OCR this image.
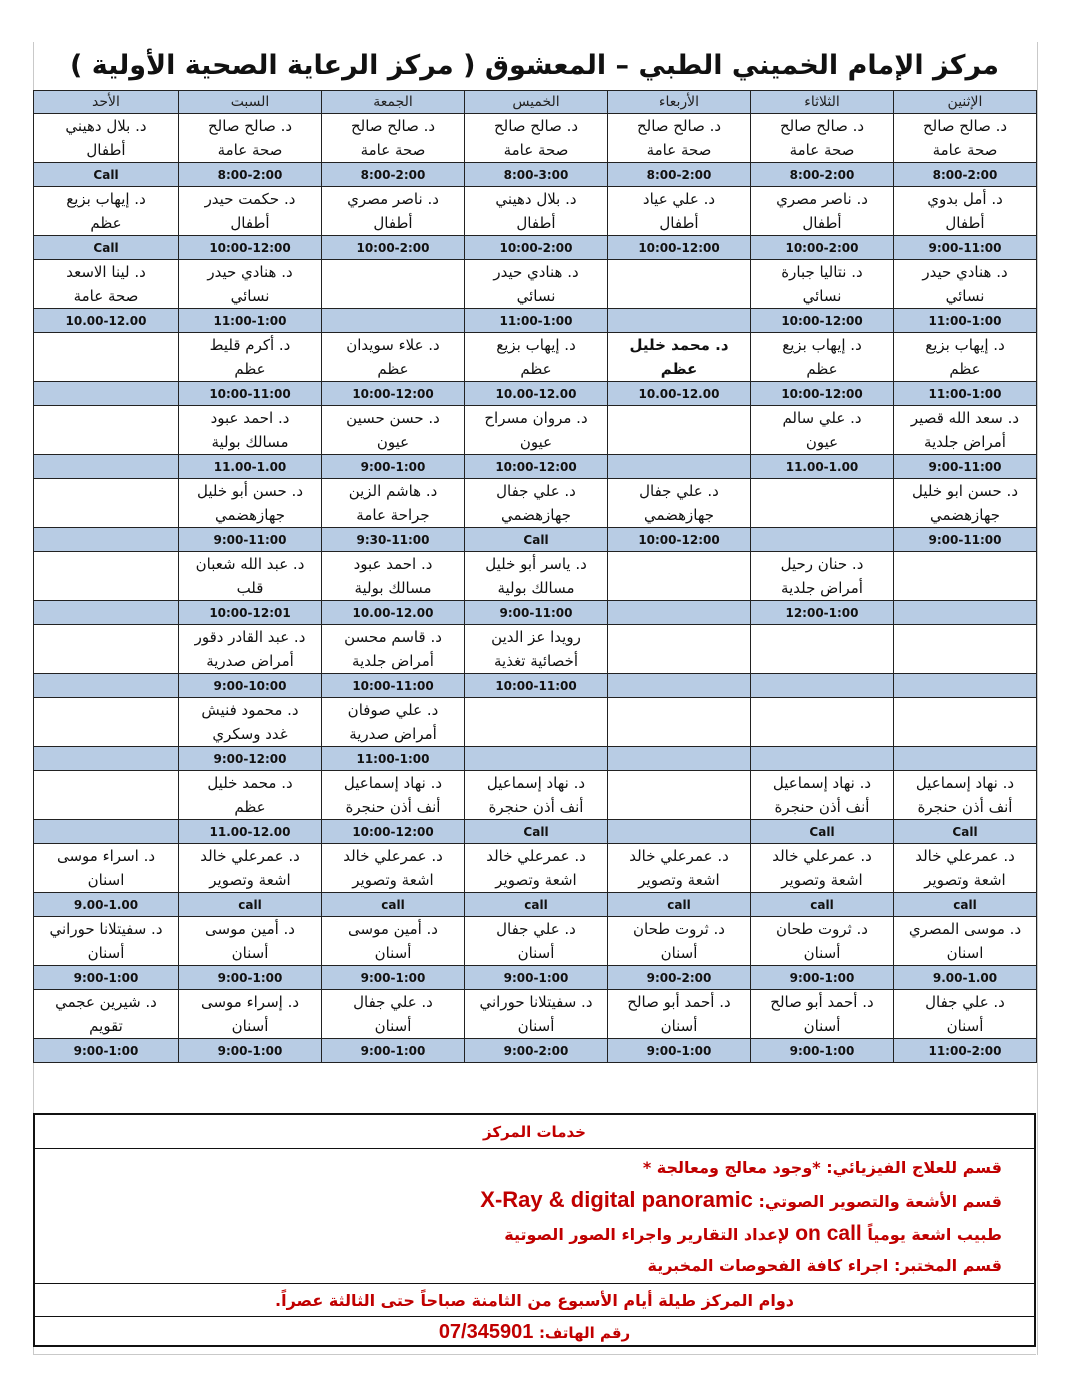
مركز الإمام الخميني الطبي – المعشوق ( مركز الرعاية الصحية الأولية )
الإثنين	الثلاثاء	الأربعاء	الخميس	الجمعة	السبت	الأحد
د. صالح صالح	د. صالح صالح	د. صالح صالح	د. صالح صالح	د. صالح صالح	د. صالح صالح	د. بلال دهيني
صحة عامة	صحة عامة	صحة عامة	صحة عامة	صحة عامة	صحة عامة	أطفال
8:00-2:00	8:00-2:00	8:00-2:00	8:00-3:00	8:00-2:00	8:00-2:00	Call
د. أمل بدوي	د. ناصر مصري	د. علي عياد	د. بلال دهيني	د. ناصر مصري	د. حكمت حيدر	د. إيهاب بزيع
أطفال	أطفال	أطفال	أطفال	أطفال	أطفال	عظم
9:00-11:00	10:00-2:00	10:00-12:00	10:00-2:00	10:00-2:00	10:00-12:00	Call
د. هنادي حيدر	د. نتاليا جبارة		د. هنادي حيدر		د. هنادي حيدر	د. لينا الاسعد
نسائي	نسائي		نسائي		نسائي	صحة عامة
11:00-1:00	10:00-12:00		11:00-1:00		11:00-1:00	10.00-12.00
د. إيهاب بزيع	د. إيهاب بزيع	د. محمد خليل	د. إيهاب بزيع	د. علاء سويدان	د. أكرم قليط	
عظم	عظم	عظم	عظم	عظم	عظم	
11:00-1:00	10:00-12:00	10.00-12.00	10.00-12.00	10:00-12:00	10:00-11:00	
د. سعد الله قصير	د. علي سالم		د. مروان مسراح	د. حسن حسين	د. احمد عبود	
أمراض جلدية	عيون		عيون	عيون	مسالك بولية	
9:00-11:00	11.00-1.00		10:00-12:00	9:00-1:00	11.00-1.00	
د. حسن ابو خليل		د. علي جفال	د. علي جفال	د. هاشم الزين	د. حسن أبو خليل	
جهازهضمي		جهازهضمي	جهازهضمي	جراحة عامة	جهازهضمي	
9:00-11:00		10:00-12:00	Call	9:30-11:00	9:00-11:00	
	د. حنان رحيل		د. ياسر أبو خليل	د. احمد عبود	د. عبد الله شعبان	
	أمراض جلدية		مسالك بولية	مسالك بولية	قلب	
	12:00-1:00		9:00-11:00	10.00-12.00	10:00-12:01	
			رويدا عز الدين	د. قاسم محسن	د. عبد القادر دقور	
			أخصائية تغذية	أمراض جلدية	أمراض صدرية	
			10:00-11:00	10:00-11:00	9:00-10:00	
				د. علي صوفان	د. محمود فنيش	
				أمراض صدرية	غدد وسكري	
				11:00-1:00	9:00-12:00	
د. نهاد إسماعيل	د. نهاد إسماعيل		د. نهاد إسماعيل	د. نهاد إسماعيل	د. محمد خليل	
أنف أذن حنجرة	أنف أذن حنجرة		أنف أذن حنجرة	أنف أذن حنجرة	عظم	
Call	Call		Call	10:00-12:00	11.00-12.00	
د. عمرعلي خالد	د. عمرعلي خالد	د. عمرعلي خالد	د. عمرعلي خالد	د. عمرعلي خالد	د. عمرعلي خالد	د. اسراء موسى
اشعة وتصوير	اشعة وتصوير	اشعة وتصوير	اشعة وتصوير	اشعة وتصوير	اشعة وتصوير	اسنان
call	call	call	call	call	call	9.00-1.00
د. موسى المصري	د. ثروت طحان	د. ثروت طحان	د. علي جفال	د. أمين موسى	د. أمين موسى	د. سفيتلانا حوراني
اسنان	أسنان	أسنان	أسنان	أسنان	أسنان	أسنان
9.00-1.00	9:00-1:00	9:00-2:00	9:00-1:00	9:00-1:00	9:00-1:00	9:00-1:00
د. علي جفال	د. أحمد أبو صالح	د. أحمد أبو صالح	د. سفيتلانا حوراني	د. علي جفال	د. إسراء موسى	د. شيرين عجمي
أسنان	أسنان	أسنان	أسنان	أسنان	أسنان	تقويم
11:00-2:00	9:00-1:00	9:00-1:00	9:00-2:00	9:00-1:00	9:00-1:00	9:00-1:00
خدمات المركز
قسم للعلاج الفيزيائي: *وجود معالج ومعالجة *
قسم الأشعة والتصوير الصوتي: X-Ray & digital panoramic
طبيب اشعة يومياً on call لإعداد التقارير واجراء الصور الصوتية
قسم المختبر: اجراء كافة الفحوصات المخبرية
دوام المركز طيلة أيام الأسبوع من الثامنة صباحاً حتى الثالثة عصراً.
رقم الهاتف: 07/345901
